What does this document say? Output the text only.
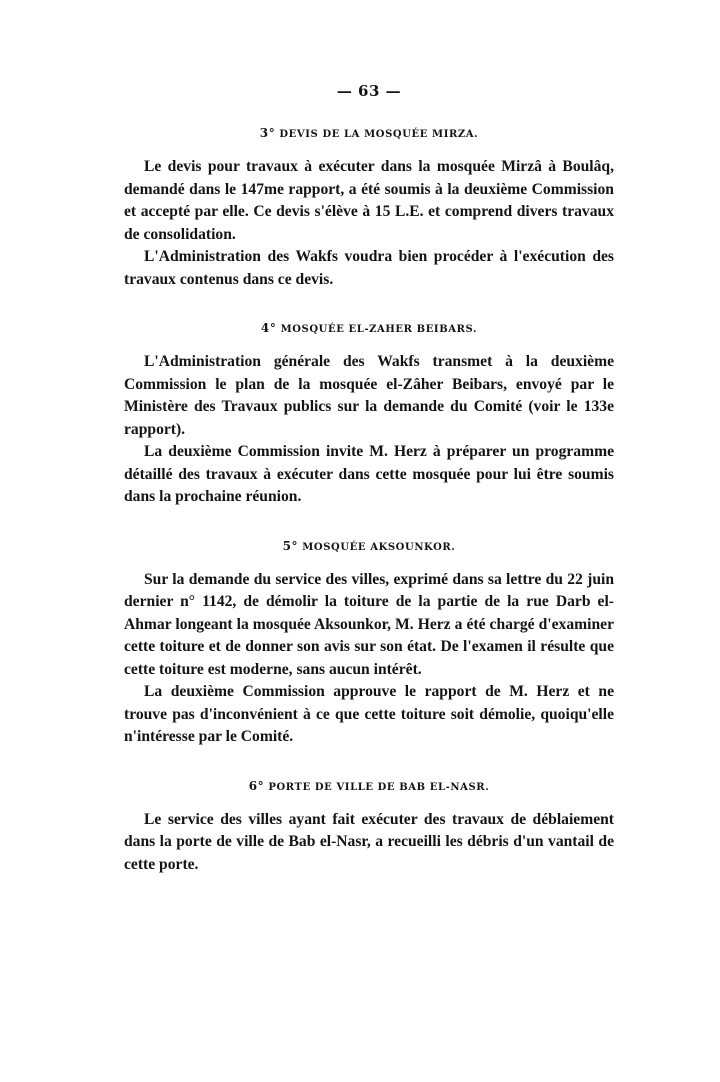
— 63 —
3° DEVIS DE LA MOSQUÉE MIRZA.

Le devis pour travaux à exécuter dans la mosquée Mirzâ à Boulâq, demandé dans le 147me rapport, a été soumis à la deuxième Commission et accepté par elle. Ce devis s'élève à 15 L.E. et comprend divers travaux de consolidation.

L'Administration des Wakfs voudra bien procéder à l'exécution des travaux contenus dans ce devis.

4° MOSQUÉE EL-ZAHER BEIBARS.

L'Administration générale des Wakfs transmet à la deuxième Commission le plan de la mosquée el-Zâher Beibars, envoyé par le Ministère des Travaux publics sur la demande du Comité (voir le 133e rapport).

La deuxième Commission invite M. Herz à préparer un programme détaillé des travaux à exécuter dans cette mosquée pour lui être soumis dans la prochaine réunion.

5° MOSQUÉE AKSOUNKOR.

Sur la demande du service des villes, exprimé dans sa lettre du 22 juin dernier n° 1142, de démolir la toiture de la partie de la rue Darb el-Ahmar longeant la mosquée Aksounkor, M. Herz a été chargé d'examiner cette toiture et de donner son avis sur son état. De l'examen il résulte que cette toiture est moderne, sans aucun intérêt.

La deuxième Commission approuve le rapport de M. Herz et ne trouve pas d'inconvénient à ce que cette toiture soit démolie, quoiqu'elle n'intéresse par le Comité.

6° PORTE DE VILLE DE BAB EL-NASR.

Le service des villes ayant fait exécuter des travaux de déblaiement dans la porte de ville de Bab el-Nasr, a recueilli les débris d'un vantail de cette porte.
